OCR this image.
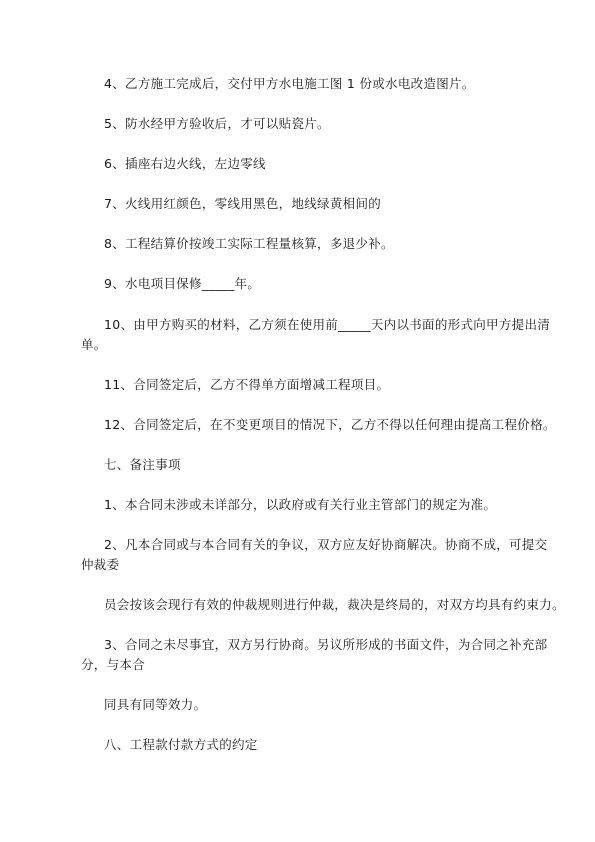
4、乙方施工完成后，交付甲方水电施工图 1 份或水电改造图片。

5、防水经甲方验收后，才可以贴瓷片。

6、插座右边火线，左边零线

7、火线用红颜色，零线用黑色，地线绿黄相间的

8、工程结算价按竣工实际工程量核算，多退少补。

9、水电项目保修_____年。

10、由甲方购买的材料，乙方须在使用前_____天内以书面的形式向甲方提出清

单。

11、合同签定后，乙方不得单方面增减工程项目。

12、合同签定后，在不变更项目的情况下，乙方不得以任何理由提高工程价格。

七、备注事项

1、本合同未涉或未详部分，以政府或有关行业主管部门的规定为准。

2、凡本合同或与本合同有关的争议，双方应友好协商解决。协商不成，可提交

仲裁委

员会按该会现行有效的仲裁规则进行仲裁，裁决是终局的，对双方均具有约束力。

3、合同之未尽事宜，双方另行协商。另议所形成的书面文件，为合同之补充部

分，与本合

同具有同等效力。

八、工程款付款方式的约定
